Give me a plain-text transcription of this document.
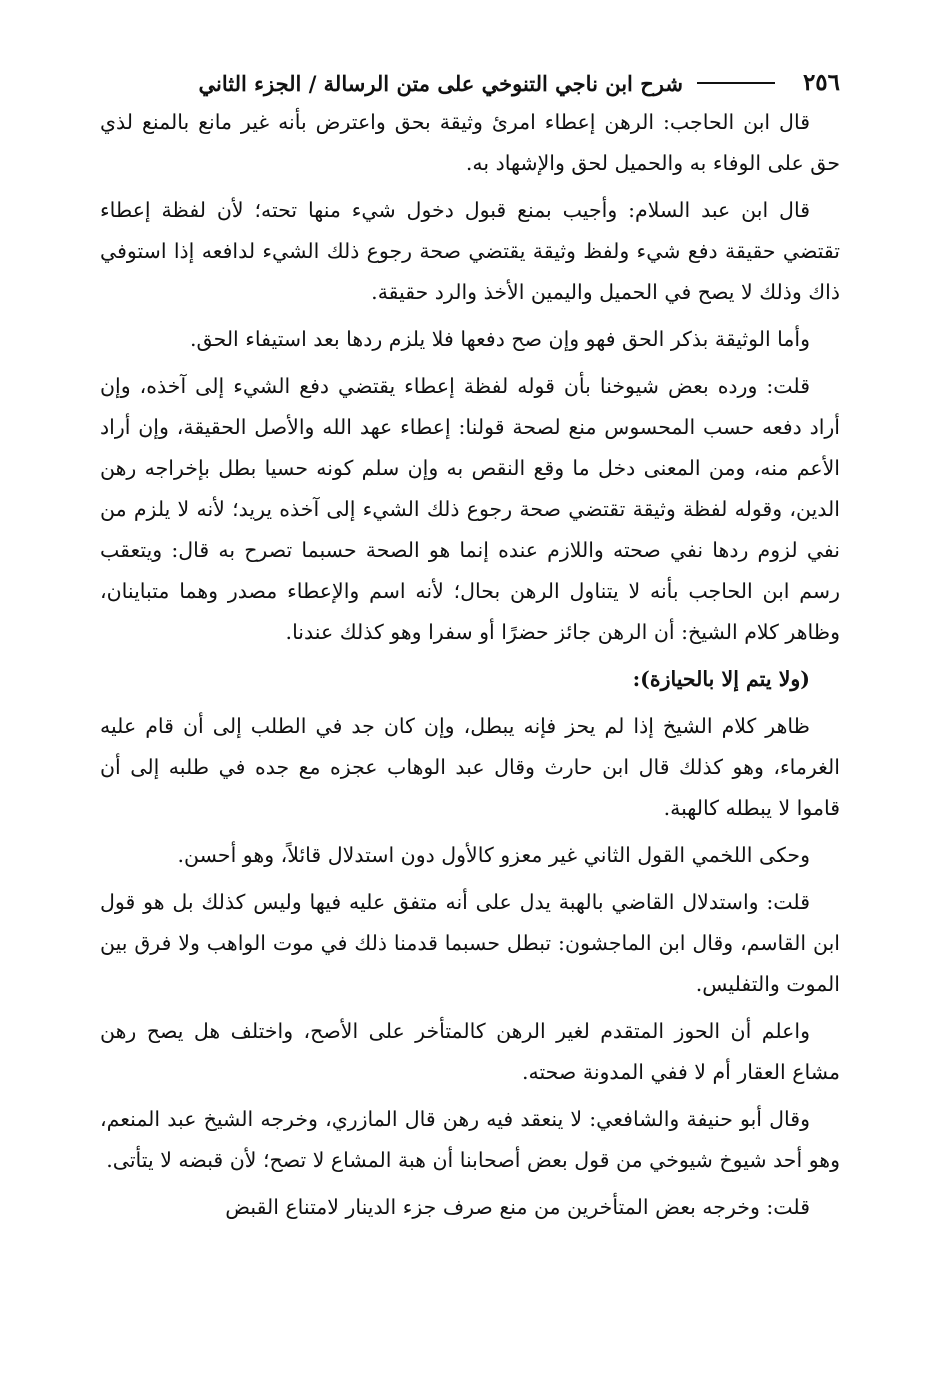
٢٥٦
شرح ابن ناجي التنوخي على متن الرسالة / الجزء الثاني

قال ابن الحاجب: الرهن إعطاء امرئ وثيقة بحق واعترض بأنه غير مانع بالمنع لذي حق على الوفاء به والحميل لحق والإشهاد به.

قال ابن عبد السلام: وأجيب بمنع قبول دخول شيء منها تحته؛ لأن لفظة إعطاء تقتضي حقيقة دفع شيء ولفظ وثيقة يقتضي صحة رجوع ذلك الشيء لدافعه إذا استوفي ذاك وذلك لا يصح في الحميل واليمين الأخذ والرد حقيقة.

وأما الوثيقة بذكر الحق فهو وإن صح دفعها فلا يلزم ردها بعد استيفاء الحق.

قلت: ورده بعض شيوخنا بأن قوله لفظة إعطاء يقتضي دفع الشيء إلى آخذه، وإن أراد دفعه حسب المحسوس منع لصحة قولنا: إعطاء عهد الله والأصل الحقيقة، وإن أراد الأعم منه، ومن المعنى دخل ما وقع النقص به وإن سلم كونه حسيا بطل بإخراجه رهن الدين، وقوله لفظة وثيقة تقتضي صحة رجوع ذلك الشيء إلى آخذه يريد؛ لأنه لا يلزم من نفي لزوم ردها نفي صحته واللازم عنده إنما هو الصحة حسبما تصرح به قال: ويتعقب رسم ابن الحاجب بأنه لا يتناول الرهن بحال؛ لأنه اسم والإعطاء مصدر وهما متباينان، وظاهر كلام الشيخ: أن الرهن جائز حضرًا أو سفرا وهو كذلك عندنا.

(ولا يتم إلا بالحيازة):

ظاهر كلام الشيخ إذا لم يحز فإنه يبطل، وإن كان جد في الطلب إلى أن قام عليه الغرماء، وهو كذلك قال ابن حارث وقال عبد الوهاب عجزه مع جده في طلبه إلى أن قاموا لا يبطله كالهبة.

وحكى اللخمي القول الثاني غير معزو كالأول دون استدلال قائلاً، وهو أحسن.

قلت: واستدلال القاضي بالهبة يدل على أنه متفق عليه فيها وليس كذلك بل هو قول ابن القاسم، وقال ابن الماجشون: تبطل حسبما قدمنا ذلك في موت الواهب ولا فرق بين الموت والتفليس.

واعلم أن الحوز المتقدم لغير الرهن كالمتأخر على الأصح، واختلف هل يصح رهن مشاع العقار أم لا ففي المدونة صحته.

وقال أبو حنيفة والشافعي: لا ينعقد فيه رهن قال المازري، وخرجه الشيخ عبد المنعم، وهو أحد شيوخ شيوخي من قول بعض أصحابنا أن هبة المشاع لا تصح؛ لأن قبضه لا يتأتى.

قلت: وخرجه بعض المتأخرين من منع صرف جزء الدينار لامتناع القبض
